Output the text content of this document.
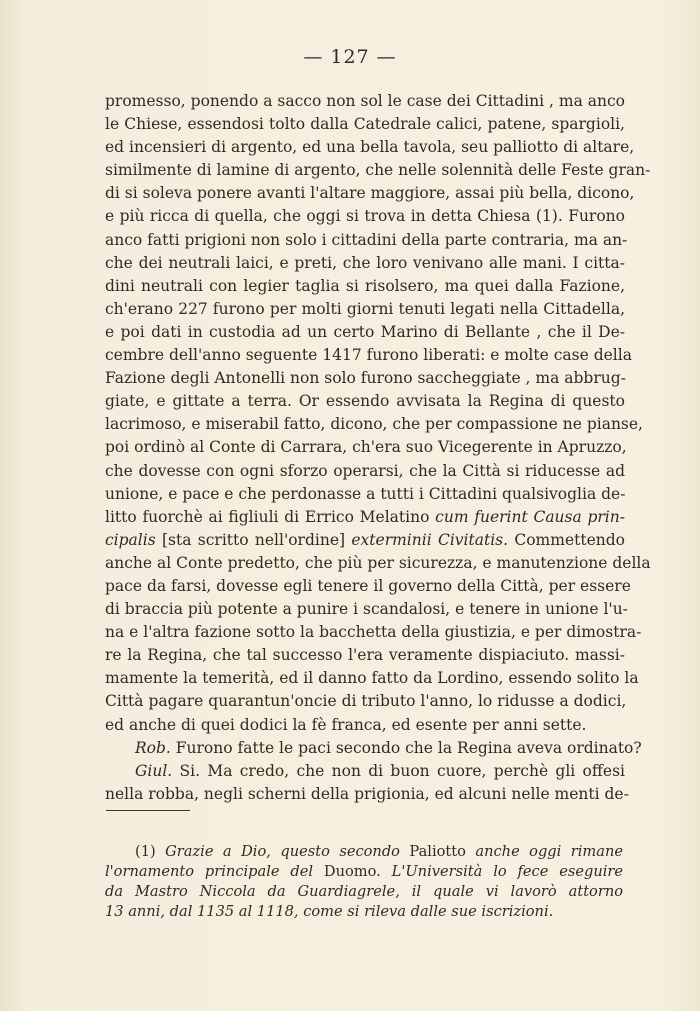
— 127 —
promesso, ponendo a sacco non sol le case dei Cittadini , ma anco
le Chiese, essendosi tolto dalla Catedrale calici, patene, spargioli,
ed incensieri di argento, ed una bella tavola, seu palliotto di altare,
similmente di lamine di argento, che nelle solennità delle Feste gran-
di si soleva ponere avanti l'altare maggiore, assai più bella, dicono,
e più ricca di quella, che oggi si trova in detta Chiesa (1). Furono
anco fatti prigioni non solo i cittadini della parte contraria, ma an-
che dei neutrali laici, e preti, che loro venivano alle mani. I citta-
dini neutrali con legier taglia si risolsero, ma quei dalla Fazione,
ch'erano 227 furono per molti giorni tenuti legati nella Cittadella,
e poi dati in custodia ad un certo Marino di Bellante , che il De-
cembre dell'anno seguente 1417 furono liberati: e molte case della
Fazione degli Antonelli non solo furono saccheggiate , ma abbrug-
giate, e gittate a terra. Or essendo avvisata la Regina di questo
lacrimoso, e miserabil fatto, dicono, che per compassione ne pianse,
poi ordinò al Conte di Carrara, ch'era suo Vicegerente in Apruzzo,
che dovesse con ogni sforzo operarsi, che la Città si riducesse ad
unione, e pace e che perdonasse a tutti i Cittadini qualsivoglia de-
litto fuorchè ai figliuli di Errico Melatino cum fuerint Causa prin-
cipalis [sta scritto nell'ordine] exterminii Civitatis. Commettendo
anche al Conte predetto, che più per sicurezza, e manutenzione della
pace da farsi, dovesse egli tenere il governo della Città, per essere
di braccia più potente a punire i scandalosi, e tenere in unione l'u-
na e l'altra fazione sotto la bacchetta della giustizia, e per dimostra-
re la Regina, che tal successo l'era veramente dispiaciuto. massi-
mamente la temerità, ed il danno fatto da Lordino, essendo solito la
Città pagare quarantun'oncie di tributo l'anno, lo ridusse a dodici,
ed anche di quei dodici la fè franca, ed esente per anni sette.
Rob. Furono fatte le paci secondo che la Regina aveva ordinato?
Giul. Si. Ma credo, che non di buon cuore, perchè gli offesi
nella robba, negli scherni della prigionia, ed alcuni nelle menti de-
(1) Grazie a Dio, questo secondo Paliotto anche oggi rimane
l'ornamento principale del Duomo. L'Università lo fece eseguire
da Mastro Niccola da Guardiagrele, il quale vi lavorò attorno
13 anni, dal 1135 al 1118, come si rileva dalle sue iscrizioni.
